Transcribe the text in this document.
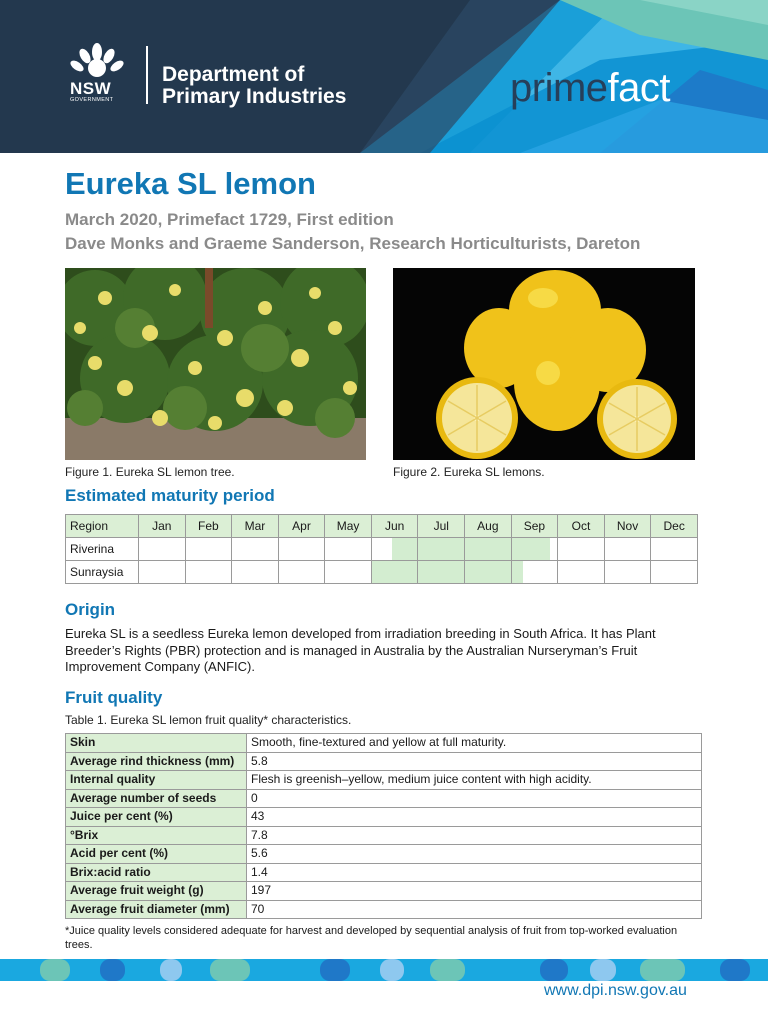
NSW
GOVERNMENT
Department of
Primary Industries	primefact
Eureka SL lemon
March 2020, Primefact 1729, First edition
Dave Monks and Graeme Sanderson, Research Horticulturists, Dareton
Figure 1. Eureka SL lemon tree.	Figure 2. Eureka SL lemons.
Estimated maturity period
Region	Jan	Feb	Mar	Apr	May	Jun	Jul	Aug	Sep	Oct	Nov	Dec
Riverina						

Sunraysia						

Origin
Eureka SL is a seedless Eureka lemon developed from irradiation breeding in South Africa. It has Plant Breeder’s Rights (PBR) protection and is managed in Australia by the Australian Nurseryman’s Fruit Improvement Company (ANFIC).
Fruit quality
Table 1. Eureka SL lemon fruit quality* characteristics.
Skin	Smooth, fine-textured and yellow at full maturity.
Average rind thickness (mm)	5.8
Internal quality	Flesh is greenish–yellow, medium juice content with high acidity.
Average number of seeds	0
Juice per cent (%)	43
°Brix	7.8
Acid per cent (%)	5.6
Brix:acid ratio	1.4
Average fruit weight (g)	197
Average fruit diameter (mm)	70
*Juice quality levels considered adequate for harvest and developed by sequential analysis of fruit from top-worked evaluation trees.
www.dpi.nsw.gov.au
